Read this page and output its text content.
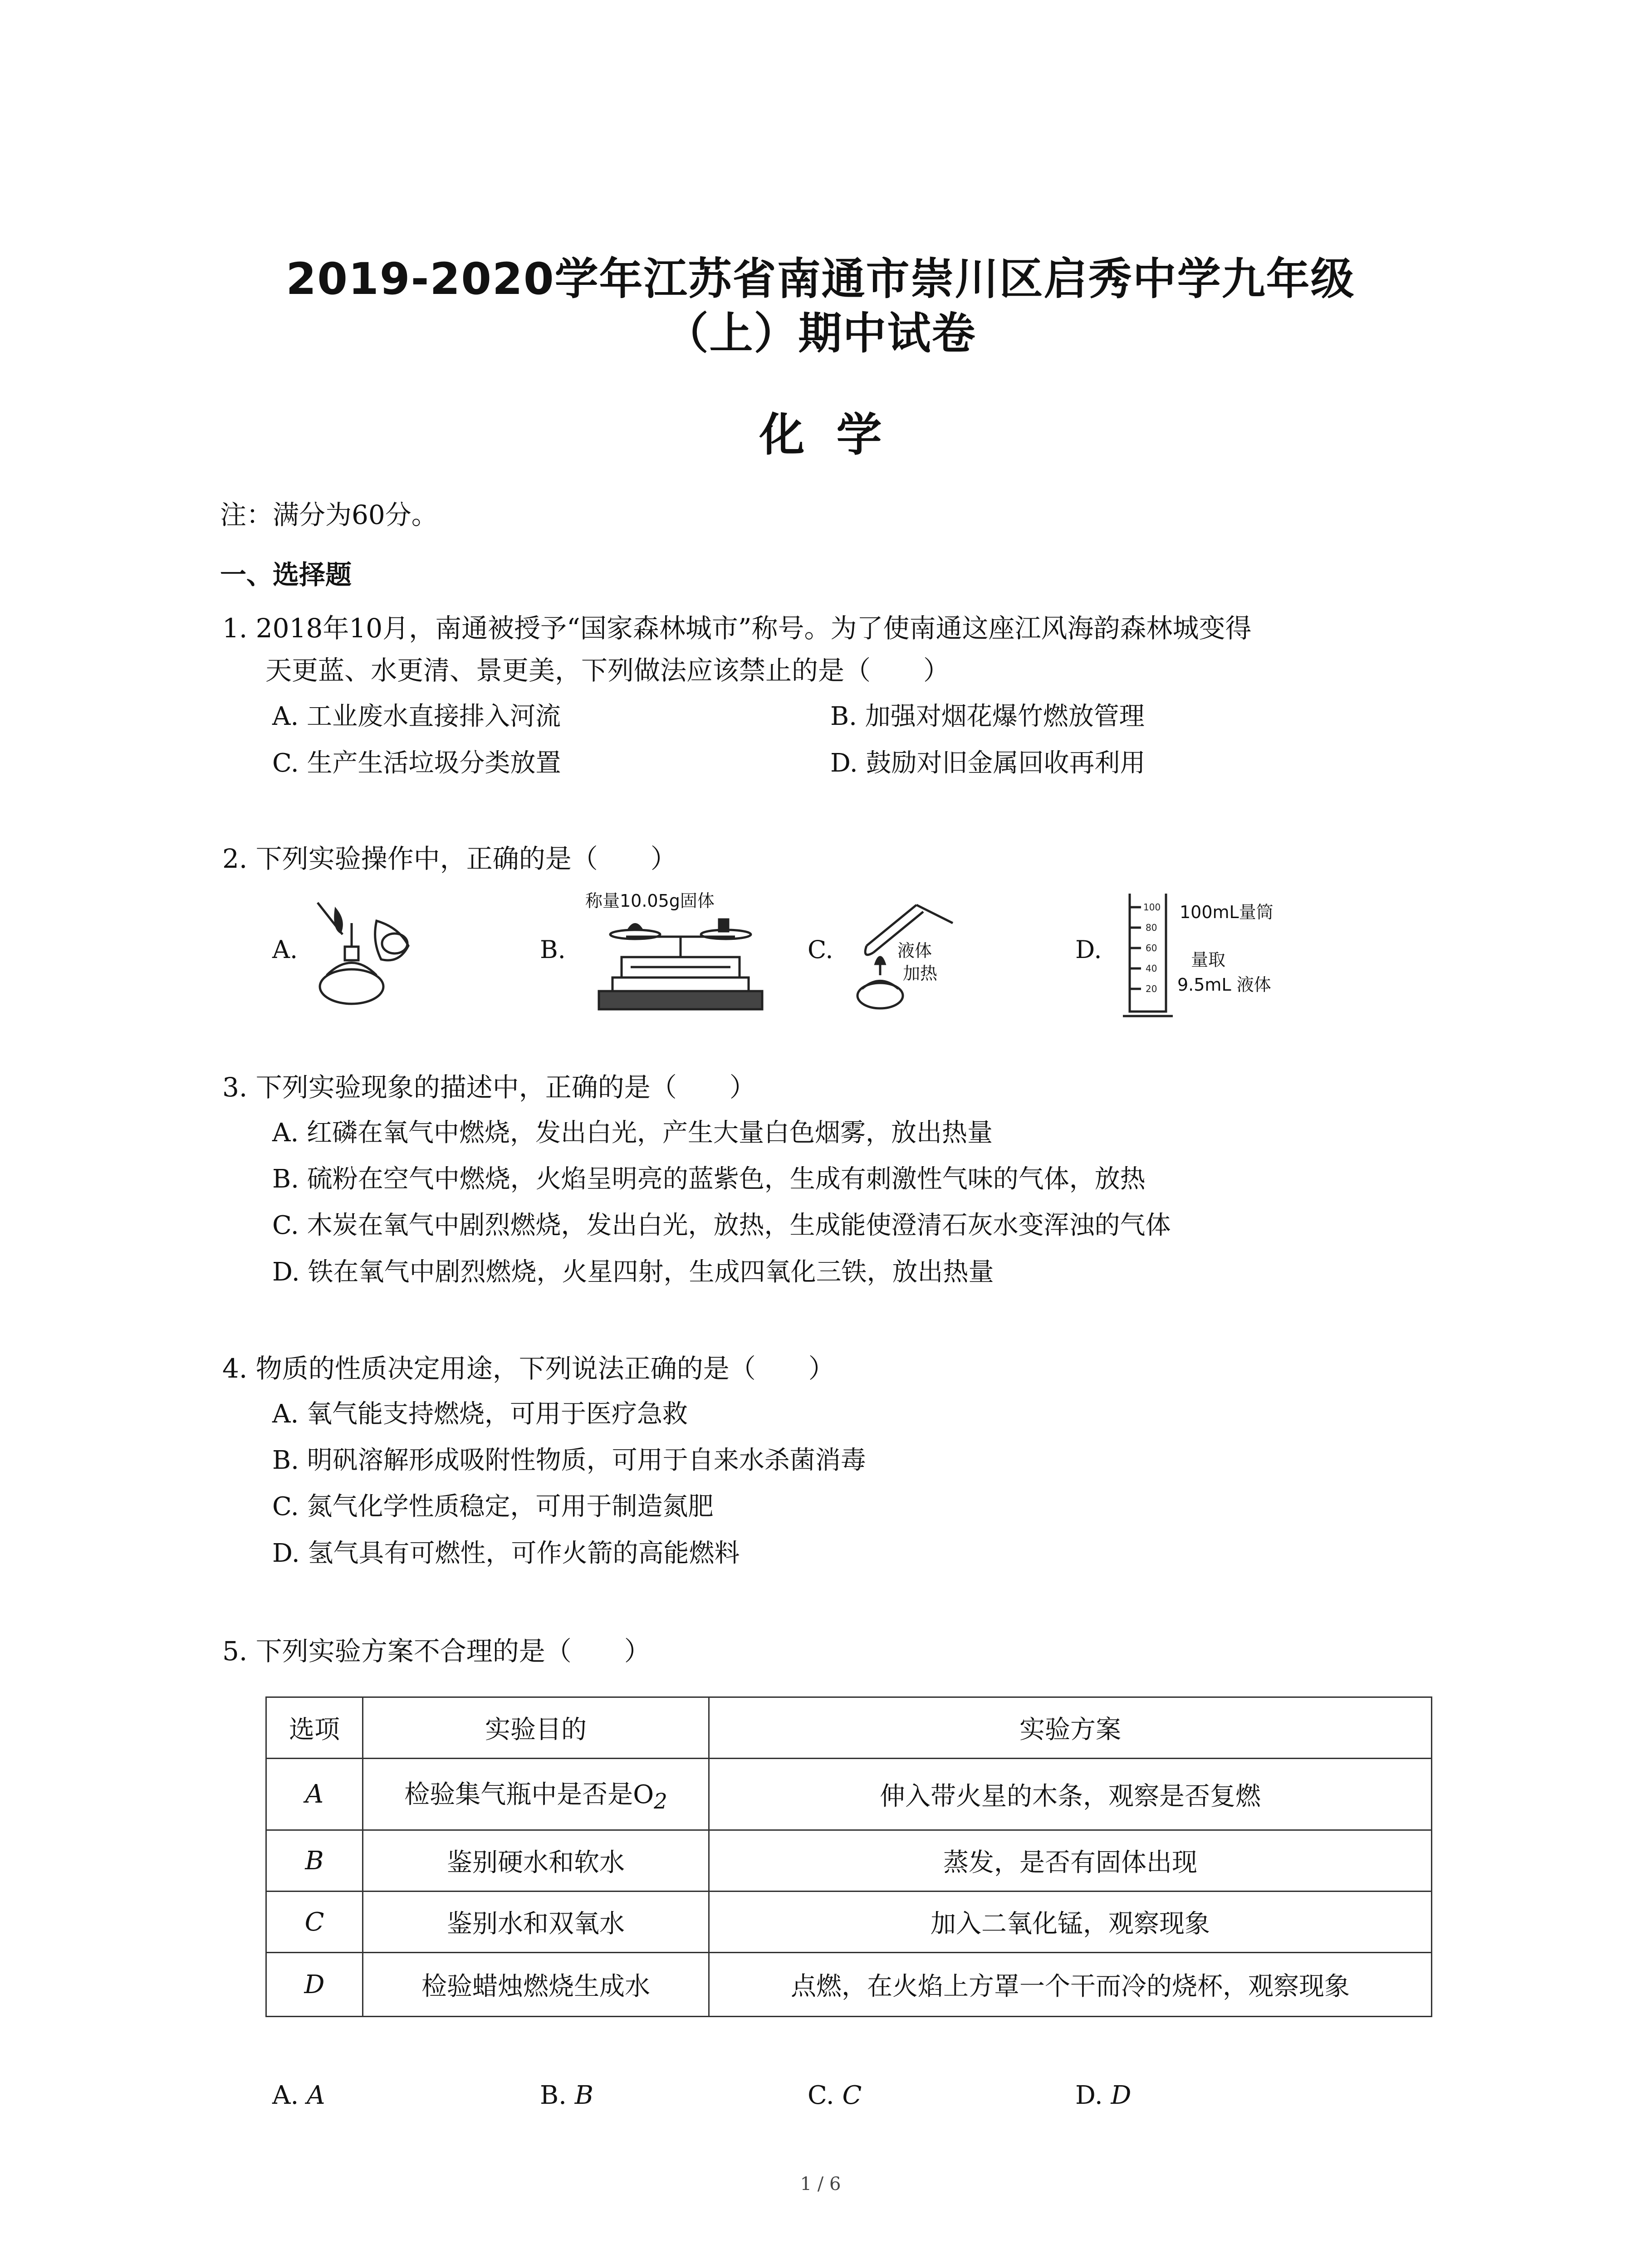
2019-2020学年江苏省南通市崇川区启秀中学九年级
（上）期中试卷
化学
注：满分为60分。
一、选择题
1. 2018年10月，南通被授予“国家森林城市”称号。为了使南通这座江风海韵森林城变得
天更蓝、水更清、景更美，下列做法应该禁止的是（　　）
A. 工业废水直接排入河流	B. 加强对烟花爆竹燃放管理
C. 生产生活垃圾分类放置	D. 鼓励对旧金属回收再利用
2. 下列实验操作中，正确的是（　　）
A.	B.	C.	D.
称量10.05g固体
液体
加热
100
80
60
40
20
100mL量筒
量取
9.5mL 液体
3. 下列实验现象的描述中，正确的是（　　）
A. 红磷在氧气中燃烧，发出白光，产生大量白色烟雾，放出热量
B. 硫粉在空气中燃烧，火焰呈明亮的蓝紫色，生成有刺激性气味的气体，放热
C. 木炭在氧气中剧烈燃烧，发出白光，放热，生成能使澄清石灰水变浑浊的气体
D. 铁在氧气中剧烈燃烧，火星四射，生成四氧化三铁，放出热量
4. 物质的性质决定用途，下列说法正确的是（　　）
A. 氧气能支持燃烧，可用于医疗急救
B. 明矾溶解形成吸附性物质，可用于自来水杀菌消毒
C. 氮气化学性质稳定，可用于制造氮肥
D. 氢气具有可燃性，可作火箭的高能燃料
5. 下列实验方案不合理的是（　　）
选项	实验目的	实验方案
A	检验集气瓶中是否是$O_2$	伸入带火星的木条，观察是否复燃
B	鉴别硬水和软水	蒸发，是否有固体出现
C	鉴别水和双氧水	加入二氧化锰，观察现象
D	检验蜡烛燃烧生成水	点燃，在火焰上方罩一个干而冷的烧杯，观察现象
A. A	B. B	C. C	D. D
1 / 6
